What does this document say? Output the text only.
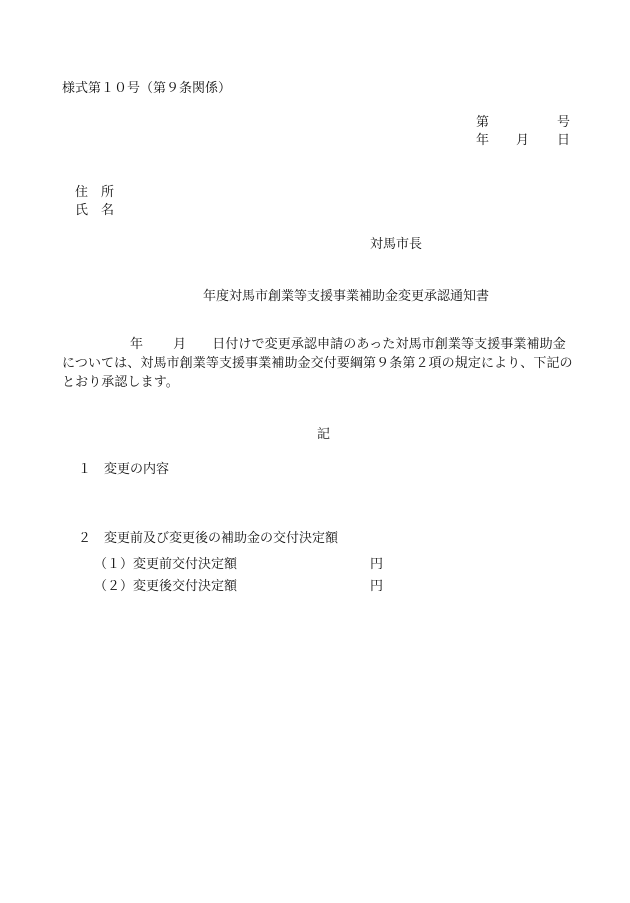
様式第１０号（第９条関係）
第	号
年 月 日
住　所
氏　名
対馬市長
年度対馬市創業等支援事業補助金変更承認通知書
年 月 日付けで変更承認申請のあった対馬市創業等支援事業補助金
については、対馬市創業等支援事業補助金交付要綱第９条第２項の規定により、下記の
とおり承認します。
記
１ 変更の内容
２ 変更前及び変更後の補助金の交付決定額
（１）変更前交付決定額	円
（２）変更後交付決定額	円
